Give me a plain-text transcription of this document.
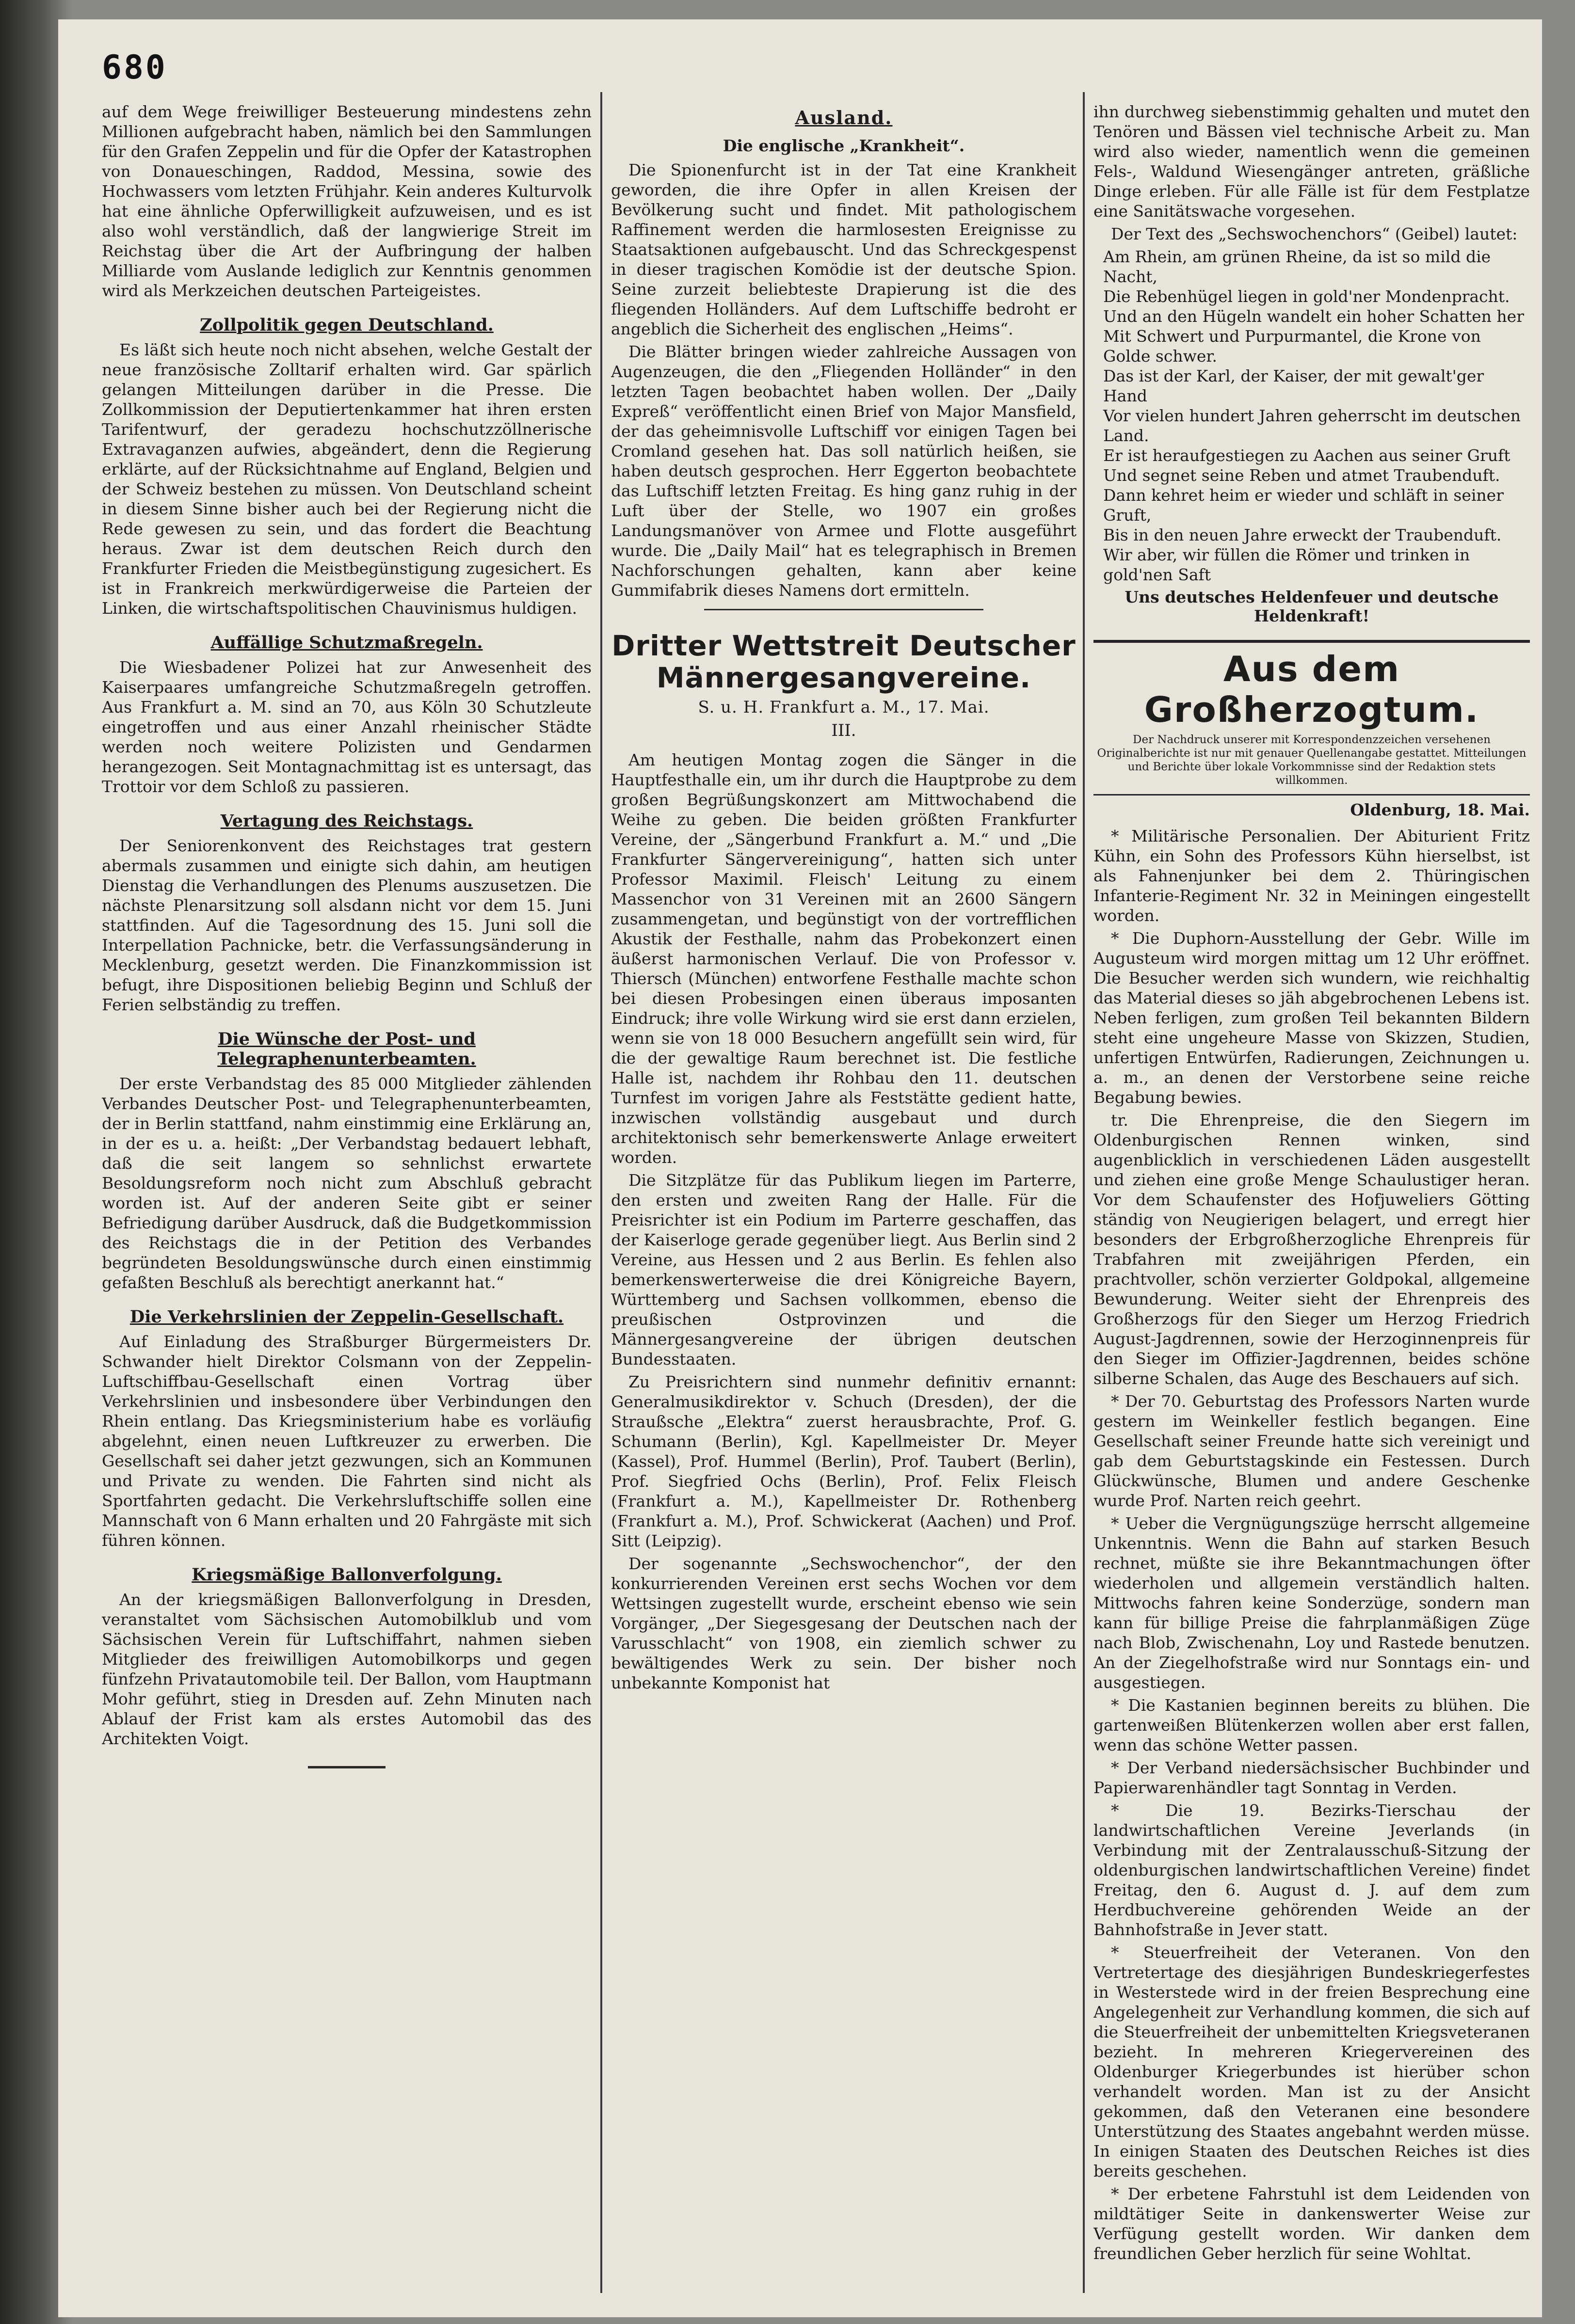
680

auf dem Wege freiwilliger Besteuerung mindestens zehn Millionen aufgebracht haben, nämlich bei den Sammlungen für den Grafen Zeppelin und für die Opfer der Katastrophen von Donaueschingen, Raddod, Messina, sowie des Hochwassers vom letzten Frühjahr. Kein anderes Kulturvolk hat eine ähnliche Opferwilligkeit aufzuweisen, und es ist also wohl verständlich, daß der langwierige Streit im Reichstag über die Art der Aufbringung der halben Milliarde vom Auslande lediglich zur Kenntnis genommen wird als Merkzeichen deutschen Parteigeistes.

Zollpolitik gegen Deutschland.

Es läßt sich heute noch nicht absehen, welche Gestalt der neue französische Zolltarif erhalten wird. Gar spärlich gelangen Mitteilungen darüber in die Presse. Die Zollkommission der Deputiertenkammer hat ihren ersten Tarifentwurf, der geradezu hochschutzzöllnerische Extravaganzen aufwies, abgeändert, denn die Regierung erklärte, auf der Rücksichtnahme auf England, Belgien und der Schweiz bestehen zu müssen. Von Deutschland scheint in diesem Sinne bisher auch bei der Regierung nicht die Rede gewesen zu sein, und das fordert die Beachtung heraus. Zwar ist dem deutschen Reich durch den Frankfurter Frieden die Meistbegünstigung zugesichert. Es ist in Frankreich merkwürdigerweise die Parteien der Linken, die wirtschaftspolitischen Chauvinismus huldigen.

Auffällige Schutzmaßregeln.

Die Wiesbadener Polizei hat zur Anwesenheit des Kaiserpaares umfangreiche Schutzmaßregeln getroffen. Aus Frankfurt a. M. sind an 70, aus Köln 30 Schutzleute eingetroffen und aus einer Anzahl rheinischer Städte werden noch weitere Polizisten und Gendarmen herangezogen. Seit Montagnachmittag ist es untersagt, das Trottoir vor dem Schloß zu passieren.

Vertagung des Reichstags.

Der Seniorenkonvent des Reichstages trat gestern abermals zusammen und einigte sich dahin, am heutigen Dienstag die Verhandlungen des Plenums auszusetzen. Die nächste Plenarsitzung soll alsdann nicht vor dem 15. Juni stattfinden. Auf die Tagesordnung des 15. Juni soll die Interpellation Pachnicke, betr. die Verfassungsänderung in Mecklenburg, gesetzt werden. Die Finanzkommission ist befugt, ihre Dispositionen beliebig Beginn und Schluß der Ferien selbständig zu treffen.

Die Wünsche der Post- und Telegraphenunterbeamten.

Der erste Verbandstag des 85 000 Mitglieder zählenden Verbandes Deutscher Post- und Telegraphenunterbeamten, der in Berlin stattfand, nahm einstimmig eine Erklärung an, in der es u. a. heißt: „Der Verbandstag bedauert lebhaft, daß die seit langem so sehnlichst erwartete Besoldungsreform noch nicht zum Abschluß gebracht worden ist. Auf der anderen Seite gibt er seiner Befriedigung darüber Ausdruck, daß die Budgetkommission des Reichstags die in der Petition des Verbandes begründeten Besoldungswünsche durch einen einstimmig gefaßten Beschluß als berechtigt anerkannt hat.“

Die Verkehrslinien der Zeppelin-Gesellschaft.

Auf Einladung des Straßburger Bürgermeisters Dr. Schwander hielt Direktor Colsmann von der Zeppelin-Luftschiffbau-Gesellschaft einen Vortrag über Verkehrslinien und insbesondere über Verbindungen den Rhein entlang. Das Kriegsministerium habe es vorläufig abgelehnt, einen neuen Luftkreuzer zu erwerben. Die Gesellschaft sei daher jetzt gezwungen, sich an Kommunen und Private zu wenden. Die Fahrten sind nicht als Sportfahrten gedacht. Die Verkehrsluftschiffe sollen eine Mannschaft von 6 Mann erhalten und 20 Fahrgäste mit sich führen können.

Kriegsmäßige Ballonverfolgung.

An der kriegsmäßigen Ballonverfolgung in Dresden, veranstaltet vom Sächsischen Automobilklub und vom Sächsischen Verein für Luftschiffahrt, nahmen sieben Mitglieder des freiwilligen Automobilkorps und gegen fünfzehn Privatautomobile teil. Der Ballon, vom Hauptmann Mohr geführt, stieg in Dresden auf. Zehn Minuten nach Ablauf der Frist kam als erstes Automobil das des Architekten Voigt.

Ausland.
Die englische „Krankheit“.

Die Spionenfurcht ist in der Tat eine Krankheit geworden, die ihre Opfer in allen Kreisen der Bevölkerung sucht und findet. Mit pathologischem Raffinement werden die harmlosesten Ereignisse zu Staatsaktionen aufgebauscht. Und das Schreckgespenst in dieser tragischen Komödie ist der deutsche Spion. Seine zurzeit beliebteste Drapierung ist die des fliegenden Holländers. Auf dem Luftschiffe bedroht er angeblich die Sicherheit des englischen „Heims“.

Die Blätter bringen wieder zahlreiche Aussagen von Augenzeugen, die den „Fliegenden Holländer“ in den letzten Tagen beobachtet haben wollen. Der „Daily Expreß“ veröffentlicht einen Brief von Major Mansfield, der das geheimnisvolle Luftschiff vor einigen Tagen bei Cromland gesehen hat. Das soll natürlich heißen, sie haben deutsch gesprochen. Herr Eggerton beobachtete das Luftschiff letzten Freitag. Es hing ganz ruhig in der Luft über der Stelle, wo 1907 ein großes Landungsmanöver von Armee und Flotte ausgeführt wurde. Die „Daily Mail“ hat es telegraphisch in Bremen Nachforschungen gehalten, kann aber keine Gummifabrik dieses Namens dort ermitteln.

Dritter Wettstreit Deutscher Männergesangvereine.
S. u. H. Frankfurt a. M., 17. Mai.
III.

Am heutigen Montag zogen die Sänger in die Hauptfesthalle ein, um ihr durch die Hauptprobe zu dem großen Begrüßungskonzert am Mittwochabend die Weihe zu geben. Die beiden größten Frankfurter Vereine, der „Sängerbund Frankfurt a. M.“ und „Die Frankfurter Sängervereinigung“, hatten sich unter Professor Maximil. Fleisch' Leitung zu einem Massenchor von 31 Vereinen mit an 2600 Sängern zusammengetan, und begünstigt von der vortrefflichen Akustik der Festhalle, nahm das Probekonzert einen äußerst harmonischen Verlauf. Die von Professor v. Thiersch (München) entworfene Festhalle machte schon bei diesen Probesingen einen überaus imposanten Eindruck; ihre volle Wirkung wird sie erst dann erzielen, wenn sie von 18 000 Besuchern angefüllt sein wird, für die der gewaltige Raum berechnet ist. Die festliche Halle ist, nachdem ihr Rohbau den 11. deutschen Turnfest im vorigen Jahre als Feststätte gedient hatte, inzwischen vollständig ausgebaut und durch architektonisch sehr bemerkenswerte Anlage erweitert worden.

Die Sitzplätze für das Publikum liegen im Parterre, den ersten und zweiten Rang der Halle. Für die Preisrichter ist ein Podium im Parterre geschaffen, das der Kaiserloge gerade gegenüber liegt. Aus Berlin sind 2 Vereine, aus Hessen und 2 aus Berlin. Es fehlen also bemerkenswerterweise die drei Königreiche Bayern, Württemberg und Sachsen vollkommen, ebenso die preußischen Ostprovinzen und die Männergesangvereine der übrigen deutschen Bundesstaaten.

Zu Preisrichtern sind nunmehr definitiv ernannt: Generalmusikdirektor v. Schuch (Dresden), der die Straußsche „Elektra“ zuerst herausbrachte, Prof. G. Schumann (Berlin), Kgl. Kapellmeister Dr. Meyer (Kassel), Prof. Hummel (Berlin), Prof. Taubert (Berlin), Prof. Siegfried Ochs (Berlin), Prof. Felix Fleisch (Frankfurt a. M.), Kapellmeister Dr. Rothenberg (Frankfurt a. M.), Prof. Schwickerat (Aachen) und Prof. Sitt (Leipzig).

Der sogenannte „Sechswochenchor“, der den konkurrierenden Vereinen erst sechs Wochen vor dem Wettsingen zugestellt wurde, erscheint ebenso wie sein Vorgänger, „Der Siegesgesang der Deutschen nach der Varusschlacht“ von 1908, ein ziemlich schwer zu bewältigendes Werk zu sein. Der bisher noch unbekannte Komponist hat

ihn durchweg siebenstimmig gehalten und mutet den Tenören und Bässen viel technische Arbeit zu. Man wird also wieder, namentlich wenn die gemeinen Fels-, Waldund Wiesengänger antreten, gräßliche Dinge erleben. Für alle Fälle ist für dem Festplatze eine Sanitätswache vorgesehen.

Der Text des „Sechswochenchors“ (Geibel) lautet:

Am Rhein, am grünen Rheine, da ist so mild die Nacht,
Die Rebenhügel liegen in gold'ner Mondenpracht.
Und an den Hügeln wandelt ein hoher Schatten her
Mit Schwert und Purpurmantel, die Krone von Golde schwer.
Das ist der Karl, der Kaiser, der mit gewalt'ger Hand
Vor vielen hundert Jahren geherrscht im deutschen Land.
Er ist heraufgestiegen zu Aachen aus seiner Gruft
Und segnet seine Reben und atmet Traubenduft.
Dann kehret heim er wieder und schläft in seiner Gruft,
Bis in den neuen Jahre erweckt der Traubenduft.
Wir aber, wir füllen die Römer und trinken in gold'nen Saft
Uns deutsches Heldenfeuer und deutsche Heldenkraft!
Aus dem Großherzogtum.
Der Nachdruck unserer mit Korrespondenzzeichen versehenen Originalberichte ist nur mit genauer Quellenangabe gestattet. Mitteilungen und Berichte über lokale Vorkommnisse sind der Redaktion stets willkommen.
Oldenburg, 18. Mai.

* Militärische Personalien. Der Abiturient Fritz Kühn, ein Sohn des Professors Kühn hierselbst, ist als Fahnenjunker bei dem 2. Thüringischen Infanterie-Regiment Nr. 32 in Meiningen eingestellt worden.

* Die Duphorn-Ausstellung der Gebr. Wille im Augusteum wird morgen mittag um 12 Uhr eröffnet. Die Besucher werden sich wundern, wie reichhaltig das Material dieses so jäh abgebrochenen Lebens ist. Neben ferligen, zum großen Teil bekannten Bildern steht eine ungeheure Masse von Skizzen, Studien, unfertigen Entwürfen, Radierungen, Zeichnungen u. a. m., an denen der Verstorbene seine reiche Begabung bewies.

tr. Die Ehrenpreise, die den Siegern im Oldenburgischen Rennen winken, sind augenblicklich in verschiedenen Läden ausgestellt und ziehen eine große Menge Schaulustiger heran. Vor dem Schaufenster des Hofjuweliers Götting ständig von Neugierigen belagert, und erregt hier besonders der Erbgroßherzogliche Ehrenpreis für Trabfahren mit zweijährigen Pferden, ein prachtvoller, schön verzierter Goldpokal, allgemeine Bewunderung. Weiter sieht der Ehrenpreis des Großherzogs für den Sieger um Herzog Friedrich August-Jagdrennen, sowie der Herzoginnenpreis für den Sieger im Offizier-Jagdrennen, beides schöne silberne Schalen, das Auge des Beschauers auf sich.

* Der 70. Geburtstag des Professors Narten wurde gestern im Weinkeller festlich begangen. Eine Gesellschaft seiner Freunde hatte sich vereinigt und gab dem Geburtstagskinde ein Festessen. Durch Glückwünsche, Blumen und andere Geschenke wurde Prof. Narten reich geehrt.

* Ueber die Vergnügungszüge herrscht allgemeine Unkenntnis. Wenn die Bahn auf starken Besuch rechnet, müßte sie ihre Bekanntmachungen öfter wiederholen und allgemein verständlich halten. Mittwochs fahren keine Sonderzüge, sondern man kann für billige Preise die fahrplanmäßigen Züge nach Blob, Zwischenahn, Loy und Rastede benutzen. An der Ziegelhofstraße wird nur Sonntags ein- und ausgestiegen.

* Die Kastanien beginnen bereits zu blühen. Die gartenweißen Blütenkerzen wollen aber erst fallen, wenn das schöne Wetter passen.

* Der Verband niedersächsischer Buchbinder und Papierwarenhändler tagt Sonntag in Verden.

* Die 19. Bezirks-Tierschau der landwirtschaftlichen Vereine Jeverlands (in Verbindung mit der Zentralausschuß-Sitzung der oldenburgischen landwirtschaftlichen Vereine) findet Freitag, den 6. August d. J. auf dem zum Herdbuchvereine gehörenden Weide an der Bahnhofstraße in Jever statt.

* Steuerfreiheit der Veteranen. Von den Vertretertage des diesjährigen Bundeskriegerfestes in Westerstede wird in der freien Besprechung eine Angelegenheit zur Verhandlung kommen, die sich auf die Steuerfreiheit der unbemittelten Kriegsveteranen bezieht. In mehreren Kriegervereinen des Oldenburger Kriegerbundes ist hierüber schon verhandelt worden. Man ist zu der Ansicht gekommen, daß den Veteranen eine besondere Unterstützung des Staates angebahnt werden müsse. In einigen Staaten des Deutschen Reiches ist dies bereits geschehen.

* Der erbetene Fahrstuhl ist dem Leidenden von mildtätiger Seite in dankenswerter Weise zur Verfügung gestellt worden. Wir danken dem freundlichen Geber herzlich für seine Wohltat.
